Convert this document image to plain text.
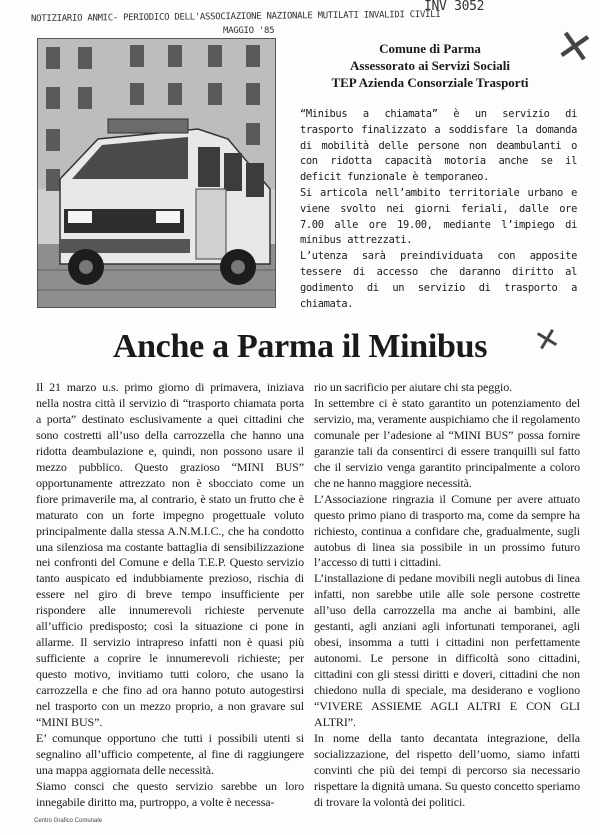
NOTIZIARIO ANMIC- PERIODICO DELL'ASSOCIAZIONE NAZIONALE MUTILATI INVALIDI CIVILI
MAGGIO '85
INV 3052
✕
✕
Comune di Parma
Assessorato ai Servizi Sociali
TEP Azienda Consorziale Trasporti

“Minibus a chiamata” è un servizio di trasporto finalizzato a soddisfare la domanda di mobilità delle persone non deambulanti o con ridotta capacità motoria anche se il deficit funzionale è temporaneo.

Si articola nell’ambito territoriale urbano e viene svolto nei giorni feriali, dalle ore 7.00 alle ore 19.00, mediante l’impiego di minibus attrezzati.

L’utenza sarà preindividuata con apposite tessere di accesso che daranno diritto al godimento di un servizio di trasporto a chiamata.

Anche a Parma il Minibus

Il 21 marzo u.s. primo giorno di primavera, iniziava nella nostra città il servizio di “trasporto chiamata porta a porta” destinato esclusivamente a quei cittadini che sono costretti all’uso della carrozzella che hanno una ridotta deambulazione e, quindi, non possono usare il mezzo pubblico. Questo grazioso “MINI BUS” opportunamente attrezzato non è sbocciato come un fiore primaverile ma, al contrario, è stato un frutto che è maturato con un forte impegno progettuale voluto principalmente dalla stessa A.N.M.I.C., che ha condotto una silenziosa ma costante battaglia di sensibilizzazione nei confronti del Comune e della T.E.P. Questo servizio tanto auspicato ed indubbiamente prezioso, rischia di essere nel giro di breve tempo insufficiente per rispondere alle innumerevoli richieste pervenute all’ufficio predisposto; così la situazione ci pone in allarme. Il servizio intrapreso infatti non è quasi più sufficiente a coprire le innumerevoli richieste; per questo motivo, invitiamo tutti coloro, che usano la carrozzella e che fino ad ora hanno potuto autogestirsi nel trasporto con un mezzo proprio, a non gravare sul “MINI BUS”.

E’ comunque opportuno che tutti i possibili utenti si segnalino all’ufficio competente, al fine di raggiungere una mappa aggiornata delle necessità.

Siamo consci che questo servizio sarebbe un loro innegabile diritto ma, purtroppo, a volte è necessa-

rio un sacrificio per aiutare chi sta peggio.

In settembre ci è stato garantito un potenziamento del servizio, ma, veramente auspichiamo che il regolamento comunale per l’adesione al “MINI BUS” possa fornire garanzie tali da consentirci di essere tranquilli sul fatto che il servizio venga garantito principalmente a coloro che ne hanno maggiore necessità.

L’Associazione ringrazia il Comune per avere attuato questo primo piano di trasporto ma, come da sempre ha richiesto, continua a confidare che, gradualmente, sugli autobus di linea sia possibile in un prossimo futuro l’accesso di tutti i cittadini.

L’installazione di pedane movibili negli autobus di linea infatti, non sarebbe utile alle sole persone costrette all’uso della carrozzella ma anche ai bambini, alle gestanti, agli anziani agli infortunati temporanei, agli obesi, insomma a tutti i cittadini non perfettamente autonomi. Le persone in difficoltà sono cittadini, cittadini con gli stessi diritti e doveri, cittadini che non chiedono nulla di speciale, ma desiderano e vogliono “VIVERE ASSIEME AGLI ALTRI E CON GLI ALTRI”.

In nome della tanto decantata integrazione, della socializzazione, del rispetto dell’uomo, siamo infatti convinti che più dei tempi di percorso sia necessario rispettare la dignità umana. Su questo concetto speriamo di trovare la volontà dei politici.

Centro Grafico Comunale
